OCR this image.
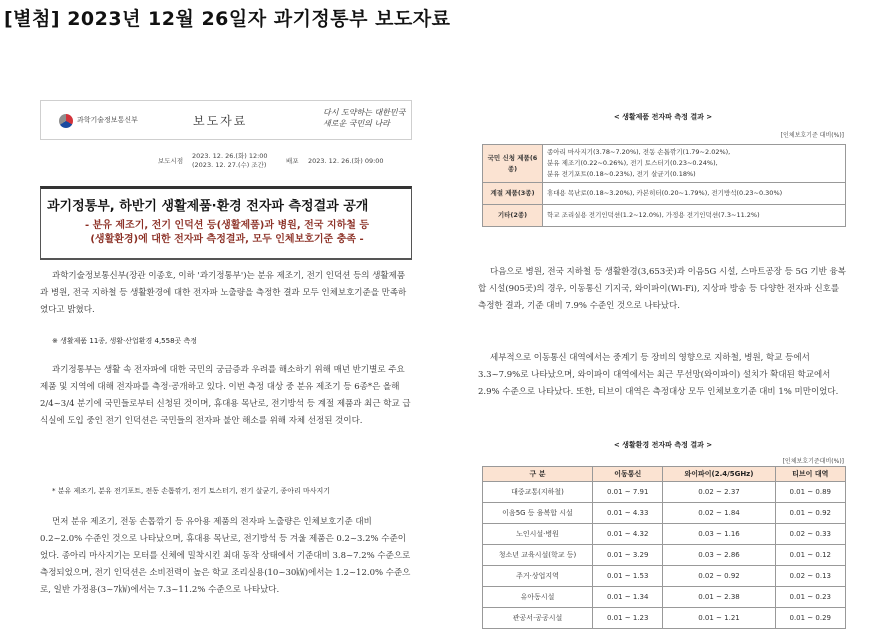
[별첨] 2023년 12월 26일자 과기정통부 보도자료
과학기술정보통신부	보도자료
다시 도약하는 대한민국
새로운 국민의 나라
보도시점
2023. 12. 26.(화) 12:00
(2023. 12. 27.(수) 조간)	배포 2023. 12. 26.(화) 09:00
과기정통부, 하반기 생활제품·환경 전자파 측정결과 공개
- 분유 제조기, 전기 인덕션 등(생활제품)과 병원, 전국 지하철 등
(생활환경)에 대한 전자파 측정결과, 모두 인체보호기준 충족 -

과학기술정보통신부(장관 이종호, 이하 '과기정통부')는 분유 제조기, 전기 인덕션 등의 생활제품과 병원, 전국 지하철 등 생활환경에 대한 전자파 노출량을 측정한 결과 모두 인체보호기준을 만족하였다고 밝혔다.

※ 생활제품 11종, 생활·산업환경 4,558곳 측정

과기정통부는 생활 속 전자파에 대한 국민의 궁금증과 우려를 해소하기 위해 매년 반기별로 주요 제품 및 지역에 대해 전자파를 측정·공개하고 있다. 이번 측정 대상 중 분유 제조기 등 6종*은 올해 2/4~3/4 분기에 국민들로부터 신청된 것이며, 휴대용 목난로, 전기방석 등 계절 제품과 최근 학교 급식실에 도입 중인 전기 인덕션은 국민들의 전자파 불안 해소를 위해 자체 선정된 것이다.

* 분유 제조기, 분유 전기포트, 전동 손톱깎기, 전기 토스터기, 전기 살균기, 종아리 마사지기

먼저 분유 제조기, 전동 손톱깎기 등 유아용 제품의 전자파 노출량은 인체보호기준 대비 0.2~2.0% 수준인 것으로 나타났으며, 휴대용 목난로, 전기방석 등 겨울 제품은 0.2~3.2% 수준이었다. 종아리 마사지기는 모터를 신체에 밀착시킨 최대 동작 상태에서 기준대비 3.8~7.2% 수준으로 측정되었으며, 전기 인덕션은 소비전력이 높은 학교 조리실용(10~30㎾)에서는 1.2~12.0% 수준으로, 일반 가정용(3~7㎾)에서는 7.3~11.2% 수준으로 나타났다.

< 생활제품 전자파 측정 결과 >
[인체보호기준 대비(%)]
국민 신청 제품(6종)	종아리 마사지기(3.78~7.20%), 전동 손톱깎기(1.79~2.02%),
분유 제조기(0.22~0.26%), 전기 토스터기(0.23~0.24%),
분유 전기포트(0.18~0.23%), 전기 살균기(0.18%)

계절 제품(3종)	휴대용 목난로(0.18~3.20%), 카본히터(0.20~1.79%), 전기방석(0.23~0.30%)

기타(2종)	학교 조리실용 전기인덕션(1.2~12.0%), 가정용 전기인덕션(7.3~11.2%)

다음으로 병원, 전국 지하철 등 생활환경(3,653곳)과 이음5G 시설, 스마트공장 등 5G 기반 융복합 시설(905곳)의 경우, 이동통신 기지국, 와이파이(Wi-Fi), 지상파 방송 등 다양한 전자파 신호를 측정한 결과, 기준 대비 7.9% 수준인 것으로 나타났다.

세부적으로 이동통신 대역에서는 중계기 등 장비의 영향으로 지하철, 병원, 학교 등에서 3.3~7.9%로 나타났으며, 와이파이 대역에서는 최근 무선망(와이파이) 설치가 확대된 학교에서 2.9% 수준으로 나타났다. 또한, 티브이 대역은 측정대상 모두 인체보호기준 대비 1% 미만이었다.

< 생활환경 전자파 측정 결과 >
[인체보호기준대비(%)]
구 분	이동통신	와이파이(2.4/5GHz)	티브이 대역
대중교통(지하철)	0.01 ~ 7.91	0.02 ~ 2.37	0.01 ~ 0.89
이음5G 등 융복합 시설	0.01 ~ 4.33	0.02 ~ 1.84	0.01 ~ 0.92
노인시설·병원	0.01 ~ 4.32	0.03 ~ 1.16	0.02 ~ 0.33
청소년 교육시설(학교 등)	0.01 ~ 3.29	0.03 ~ 2.86	0.01 ~ 0.12
주거·상업지역	0.01 ~ 1.53	0.02 ~ 0.92	0.02 ~ 0.13
유아동시설	0.01 ~ 1.34	0.01 ~ 2.38	0.01 ~ 0.23
관공서·공공시설	0.01 ~ 1.23	0.01 ~ 1.21	0.01 ~ 0.29
